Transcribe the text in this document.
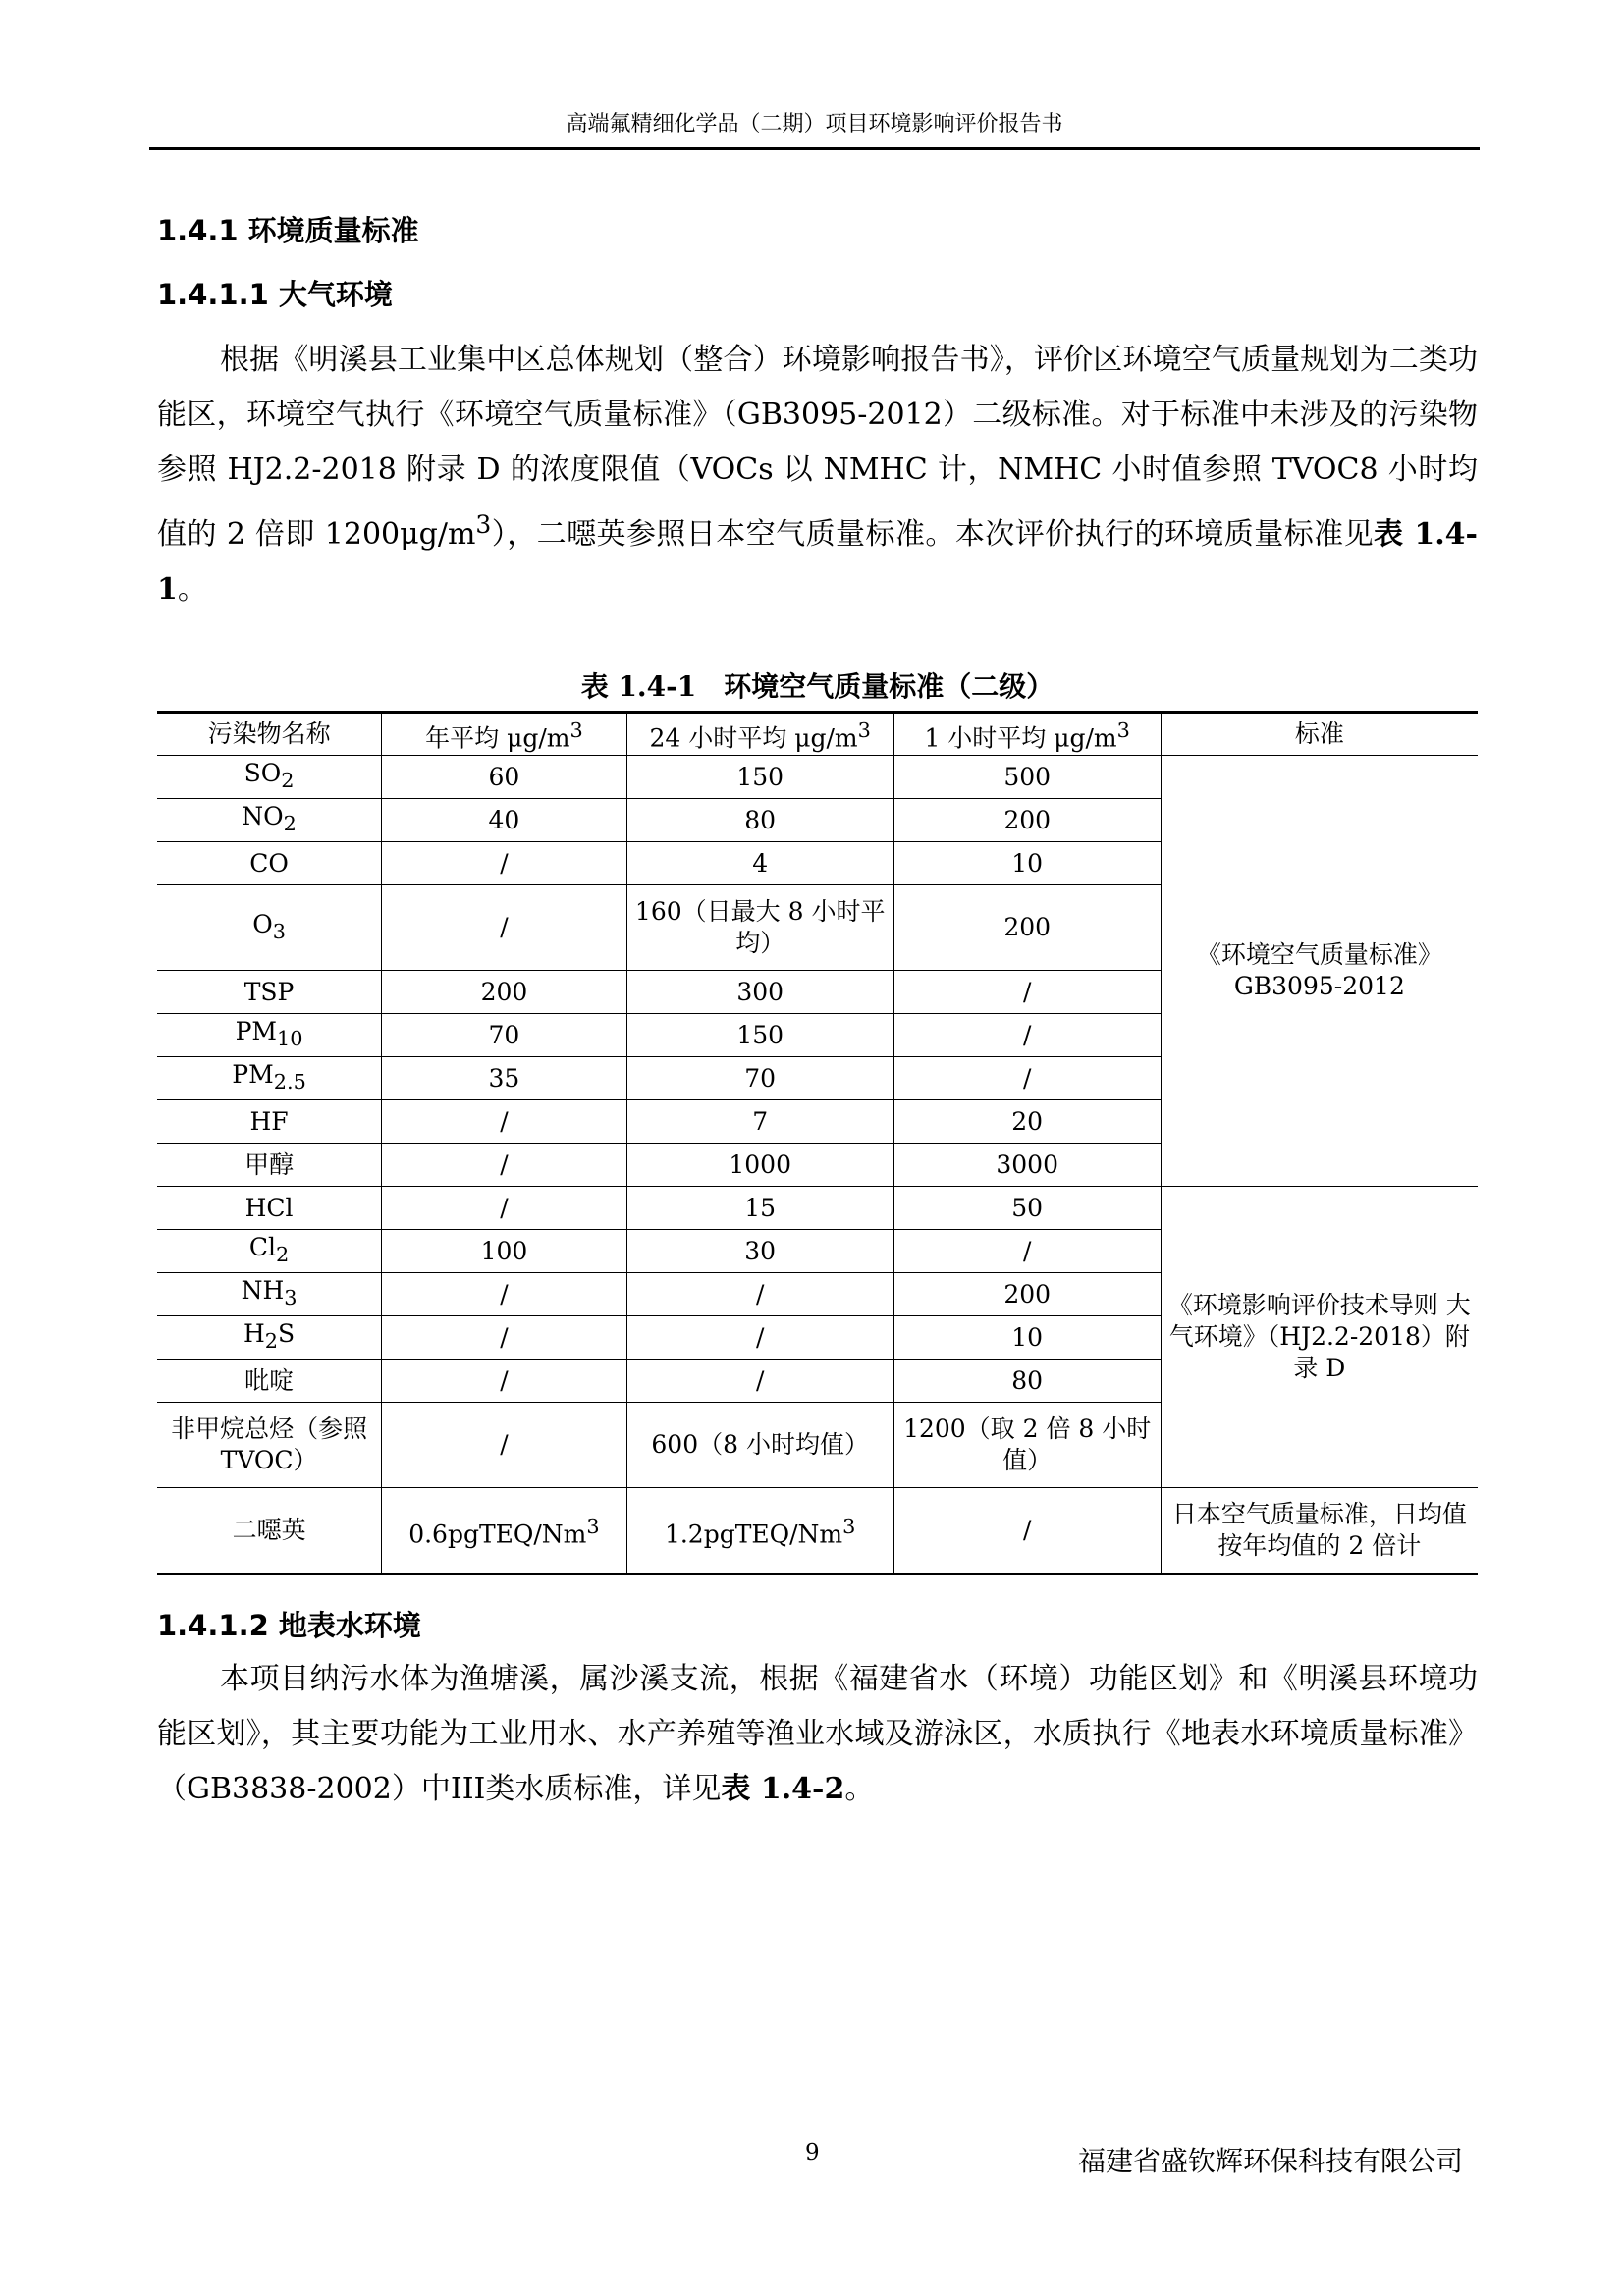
高端氟精细化学品（二期）项目环境影响评价报告书
1.4.1 环境质量标准
1.4.1.1 大气环境
根据《明溪县工业集中区总体规划（整合）环境影响报告书》，评价区环境空气质量规划为二类功能区，环境空气执行《环境空气质量标准》（GB3095-2012）二级标准。对于标准中未涉及的污染物参照 HJ2.2-2018 附录 D 的浓度限值（VOCs 以 NMHC 计，NMHC 小时值参照 TVOC8 小时均值的 2 倍即 $1200\mu g/m^3$），二噁英参照日本空气质量标准。本次评价执行的环境质量标准见表 1.4-1。
表 1.4-1　环境空气质量标准（二级）
污染物名称	年平均 $\mu g/m^3$	24 小时平均 $\mu g/m^3$	1 小时平均 $\mu g/m^3$	标准
$SO_2$	60	150	500	《环境空气质量标准》GB3095-2012
$NO_2$	40	80	200	
CO	/	4	10	
$O_3$	/	160（日最大 8 小时平均）	200	
TSP	200	300	/	
$PM_{10}$	70	150	/	
$PM_{2.5}$	35	70	/	
HF	/	7	20	
甲醇	/	1000	3000	
HCl	/	15	50	《环境影响评价技术导则 大气环境》（HJ2.2-2018）附录 D
$Cl_2$	100	30	/	
$NH_3$	/	/	200	
$H_2S$	/	/	10	
吡啶	/	/	80	
非甲烷总烃（参照 TVOC）	/	600（8 小时均值）	1200（取 2 倍 8 小时值）	
二噁英	0.6pgTEQ/Nm$^3$	1.2pgTEQ/Nm$^3$	/	日本空气质量标准，日均值按年均值的 2 倍计
1.4.1.2 地表水环境
本项目纳污水体为渔塘溪，属沙溪支流，根据《福建省水（环境）功能区划》和《明溪县环境功能区划》，其主要功能为工业用水、水产养殖等渔业水域及游泳区，水质执行《地表水环境质量标准》（GB3838-2002）中III类水质标准，详见表 1.4-2。
9	福建省盛钦辉环保科技有限公司
